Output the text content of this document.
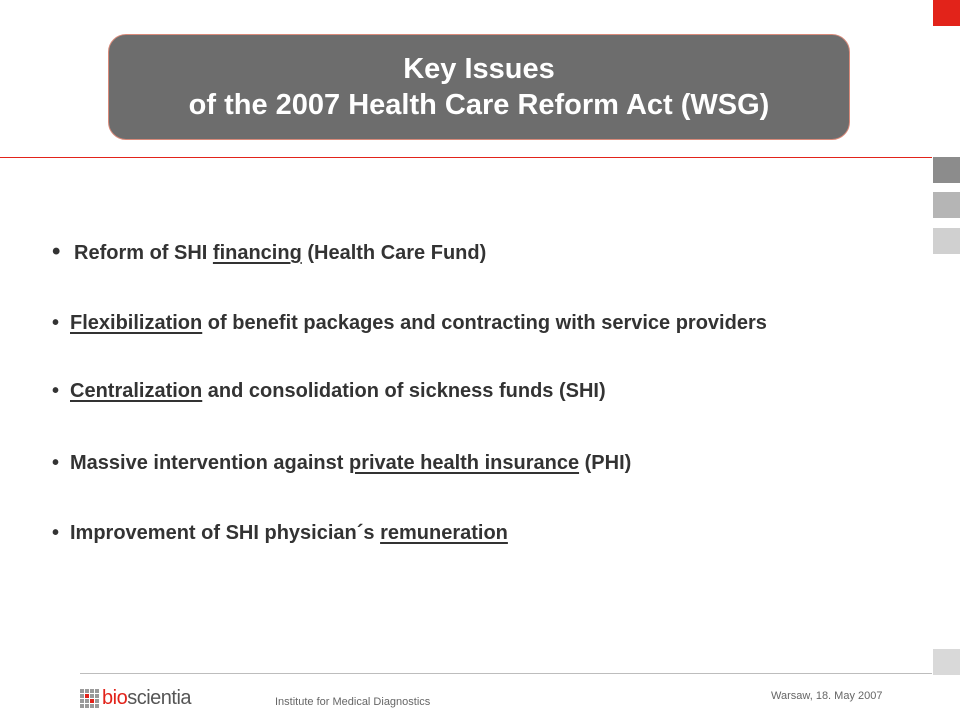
Key Issues
of the 2007 Health Care Reform Act (WSG)
• Reform of SHI financing (Health Care Fund)
• Flexibilization of benefit packages and contracting with service providers
• Centralization and consolidation of sickness funds (SHI)
• Massive intervention against private health insurance (PHI)
• Improvement of SHI physician´s remuneration
bioscientia	Institute for Medical Diagnostics	Warsaw, 18. May 2007
